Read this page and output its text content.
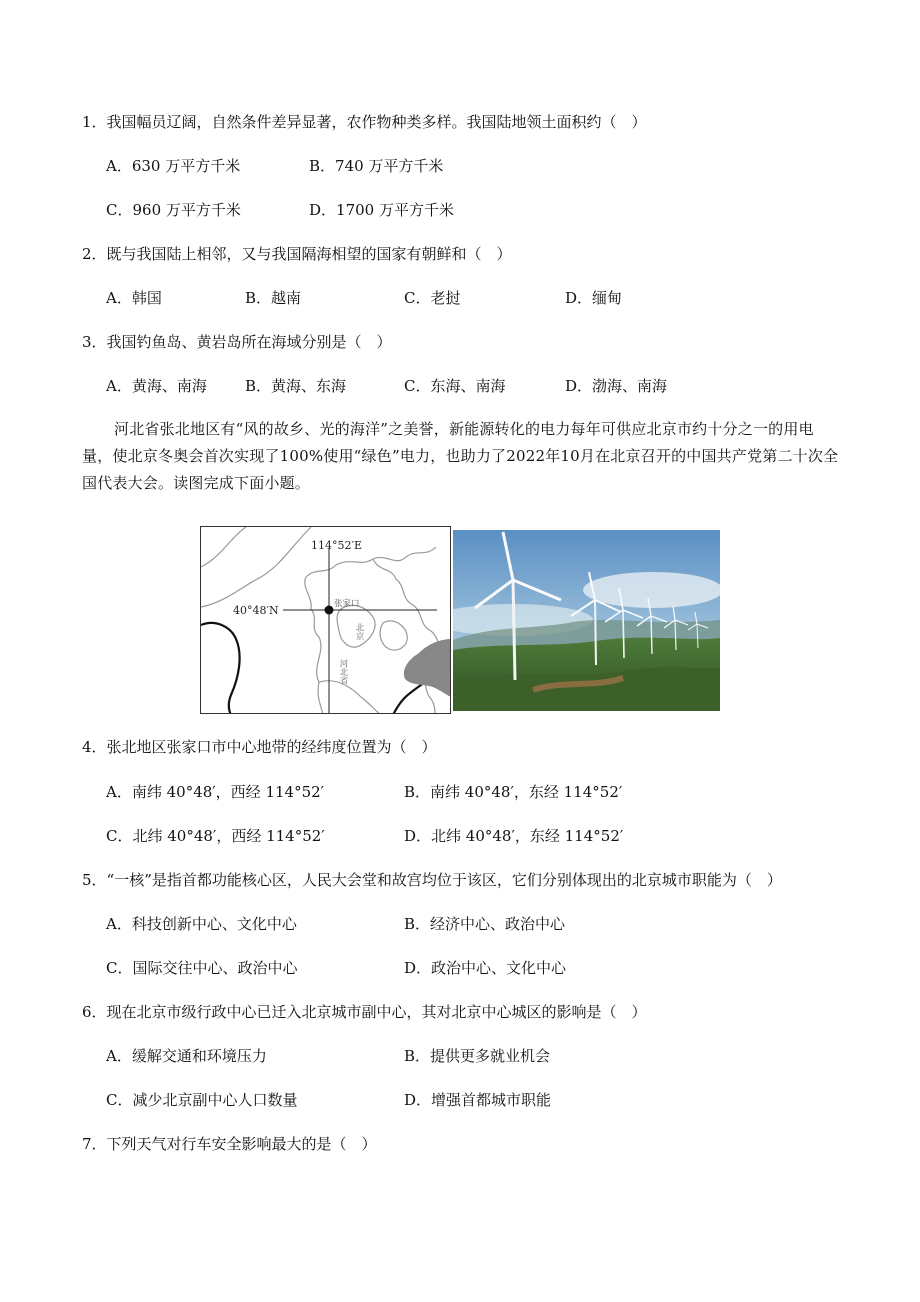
1．我国幅员辽阔，自然条件差异显著，农作物种类多样。我国陆地领土面积约（　）
A．630 万平方千米	B．740 万平方千米
C．960 万平方千米	D．1700 万平方千米
2．既与我国陆上相邻，又与我国隔海相望的国家有朝鲜和（　）
A．韩国	B．越南	C．老挝	D．缅甸
3．我国钓鱼岛、黄岩岛所在海域分别是（　）
A．黄海、南海	B．黄海、东海	C．东海、南海	D．渤海、南海
河北省张北地区有“风的故乡、光的海洋”之美誉，新能源转化的电力每年可供应北京市约十分之一的用电量，使北京冬奥会首次实现了100%使用“绿色”电力，也助力了2022年10月在北京召开的中国共产党第二十次全国代表大会。读图完成下面小题。
114°52′E
40°48′N	张家口
北京
河北省
4．张北地区张家口市中心地带的经纬度位置为（　）
A．南纬 40°48′，西经 114°52′	B．南纬 40°48′，东经 114°52′
C．北纬 40°48′，西经 114°52′	D．北纬 40°48′，东经 114°52′
5．“一核”是指首都功能核心区，人民大会堂和故宫均位于该区，它们分别体现出的北京城市职能为（　）
A．科技创新中心、文化中心	B．经济中心、政治中心
C．国际交往中心、政治中心	D．政治中心、文化中心
6．现在北京市级行政中心已迁入北京城市副中心，其对北京中心城区的影响是（　）
A．缓解交通和环境压力	B．提供更多就业机会
C．减少北京副中心人口数量	D．增强首都城市职能
7．下列天气对行车安全影响最大的是（　）
